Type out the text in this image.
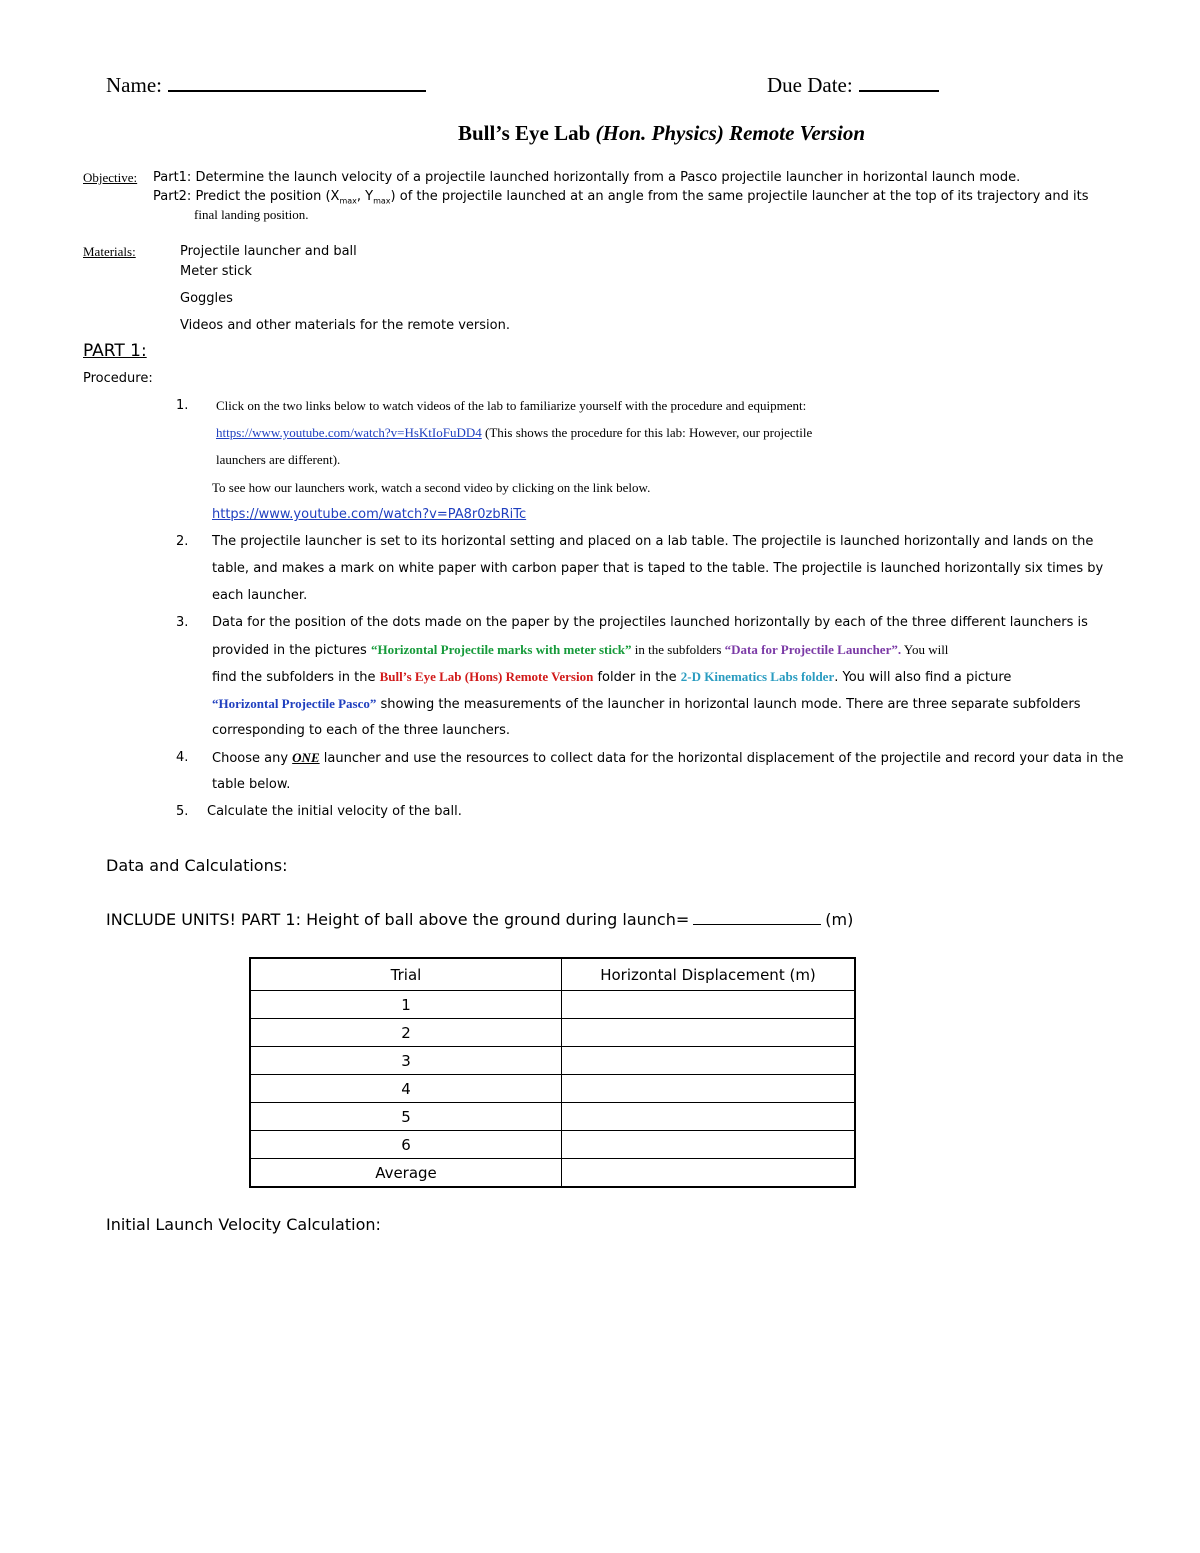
Name:	Due Date:
Bull’s Eye Lab (Hon. Physics) Remote Version
Objective: Part1: Determine the launch velocity of a projectile launched horizontally from a Pasco projectile launcher in horizontal launch mode.
Part2: Predict the position ($X_{max}$, $Y_{max}$) of the projectile launched at an angle from the same projectile launcher at the top of its trajectory and its
final landing position.
Materials:	Projectile launcher and ball
Meter stick
Goggles
Videos and other materials for the remote version.
PART 1:
Procedure:
1. Click on the two links below to watch videos of the lab to familiarize yourself with the procedure and equipment:
https://www.youtube.com/watch?v=HsKtIoFuDD4 (This shows the procedure for this lab: However, our projectile
launchers are different).
To see how our launchers work, watch a second video by clicking on the link below.
https://www.youtube.com/watch?v=PA8r0zbRiTc
2. The projectile launcher is set to its horizontal setting and placed on a lab table. The projectile is launched horizontally and lands on the
table, and makes a mark on white paper with carbon paper that is taped to the table. The projectile is launched horizontally six times by
each launcher.
3. Data for the position of the dots made on the paper by the projectiles launched horizontally by each of the three different launchers is
provided in the pictures “Horizontal Projectile marks with meter stick” in the subfolders “Data for Projectile Launcher”. You will
find the subfolders in the Bull’s Eye Lab (Hons) Remote Version folder in the 2-D Kinematics Labs folder. You will also find a picture
“Horizontal Projectile Pasco” showing the measurements of the launcher in horizontal launch mode. There are three separate subfolders
corresponding to each of the three launchers.
4. Choose any ONE launcher and use the resources to collect data for the horizontal displacement of the projectile and record your data in the
table below.
5. Calculate the initial velocity of the ball.
Data and Calculations:
INCLUDE UNITS! PART 1: Height of ball above the ground during launch=	(m)
Trial	Horizontal Displacement (m)
1	
2	
3	
4	
5	
6	
Average	
Initial Launch Velocity Calculation:
